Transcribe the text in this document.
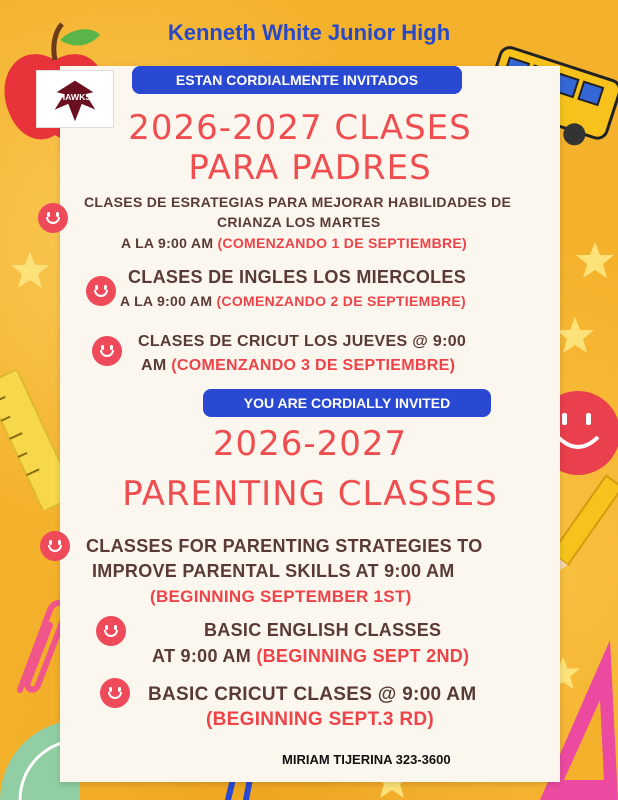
HAWKS
Kenneth White Junior High
ESTAN CORDIALMENTE INVITADOS
2026-2027 CLASES
PARA PADRES
CLASES DE ESRATEGIAS PARA MEJORAR HABILIDADES DE
CRIANZA LOS MARTES
A LA 9:00 AM (COMENZANDO 1 DE SEPTIEMBRE)
CLASES DE INGLES LOS MIERCOLES
A LA 9:00 AM (COMENZANDO 2 DE SEPTIEMBRE)
CLASES DE CRICUT LOS JUEVES @ 9:00
AM (COMENZANDO 3 DE SEPTIEMBRE)
YOU ARE CORDIALLY INVITED
2026-2027
PARENTING CLASSES
CLASSES FOR PARENTING STRATEGIES TO
IMPROVE PARENTAL SKILLS AT 9:00 AM
(BEGINNING SEPTEMBER 1ST)
BASIC ENGLISH CLASSES
AT 9:00 AM (BEGINNING SEPT 2ND)
BASIC CRICUT CLASES @ 9:00 AM
(BEGINNING SEPT.3 RD)
MIRIAM TIJERINA 323-3600
